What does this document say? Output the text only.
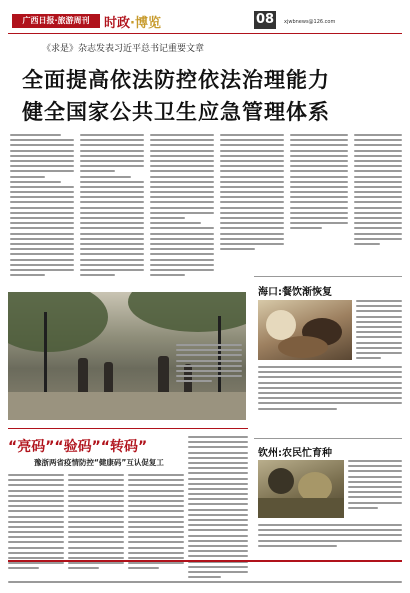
广西日报·旅游周刊	时政·博览	08	xjwbnews@126.com
《求是》杂志发表习近平总书记重要文章
全面提高依法防控依法治理能力
健全国家公共卫生应急管理体系
海口:餐饮渐恢复
“亮码”“验码”“转码”
豫浙两省疫情防控“健康码”互认促复工
钦州:农民忙育种
